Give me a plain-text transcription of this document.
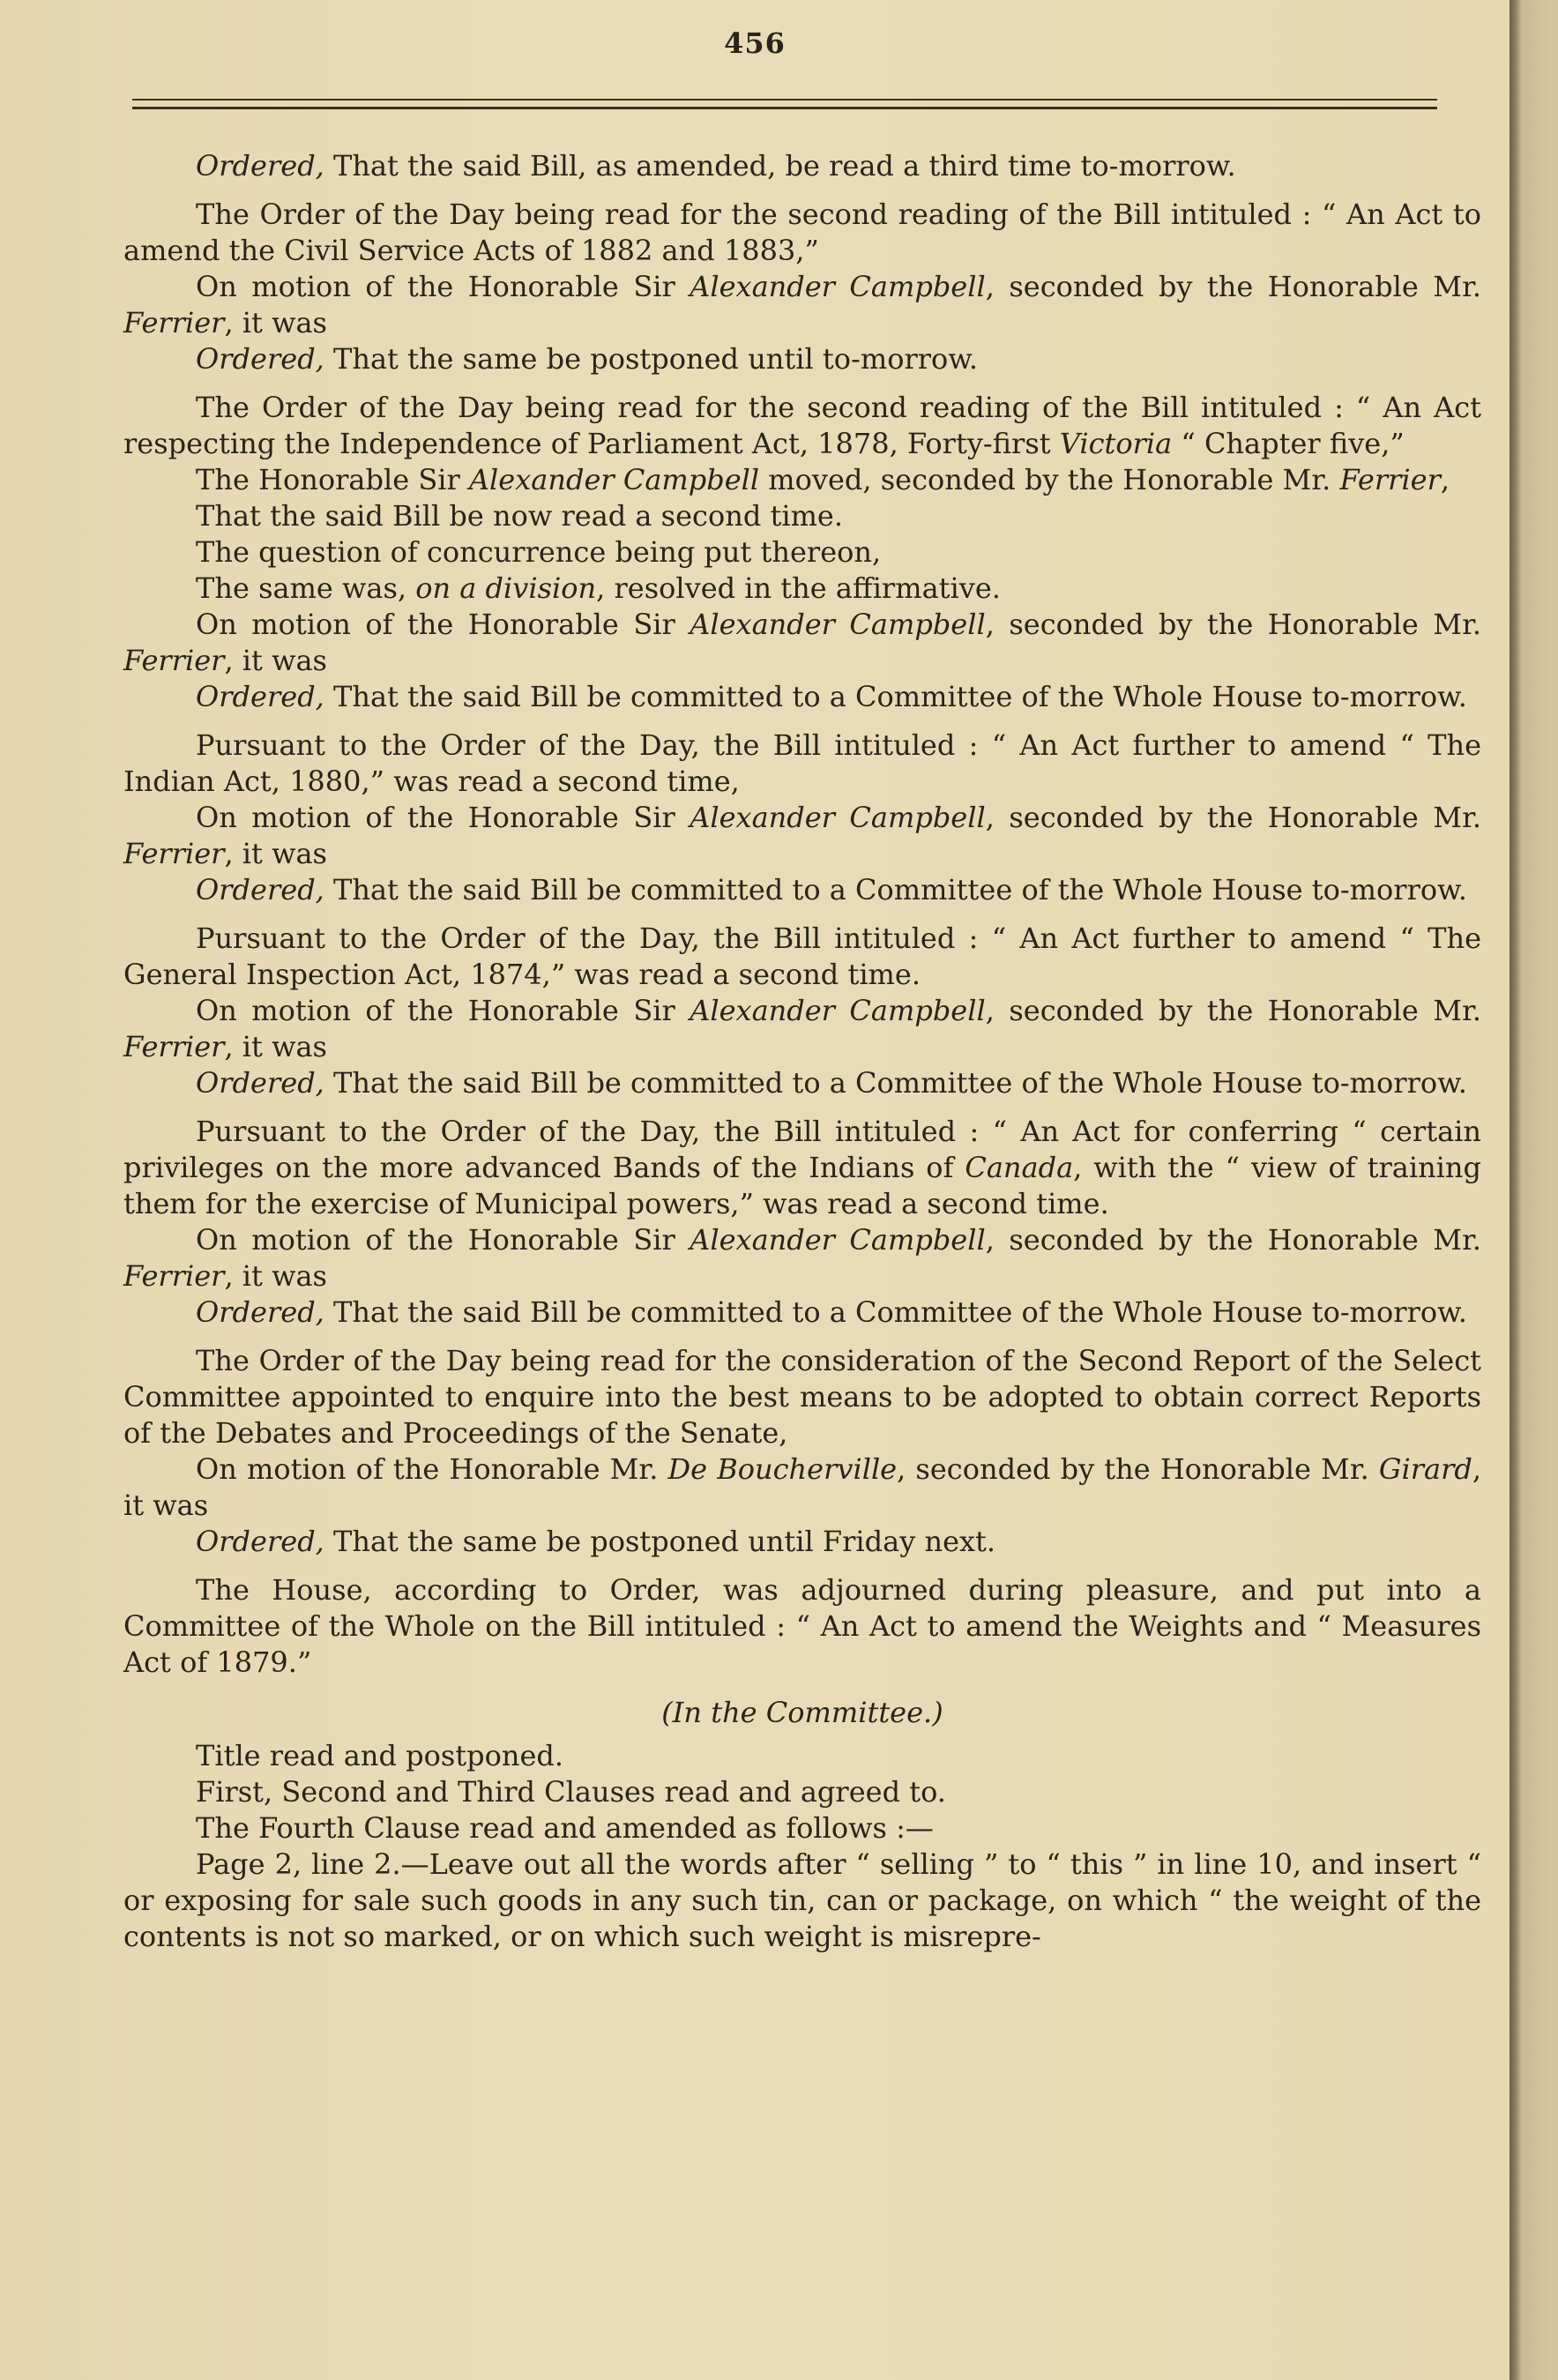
456

Ordered, That the said Bill, as amended, be read a third time to-morrow.

The Order of the Day being read for the second reading of the Bill intituled : “ An Act to amend the Civil Service Acts of 1882 and 1883,”

On motion of the Honorable Sir Alexander Campbell, seconded by the Honorable Mr. Ferrier, it was

Ordered, That the same be postponed until to-morrow.

The Order of the Day being read for the second reading of the Bill intituled : “ An Act respecting the Independence of Parliament Act, 1878, Forty-first Victoria “ Chapter five,”

The Honorable Sir Alexander Campbell moved, seconded by the Honorable Mr. Ferrier,

That the said Bill be now read a second time.

The question of concurrence being put thereon,

The same was, on a division, resolved in the affirmative.

On motion of the Honorable Sir Alexander Campbell, seconded by the Honorable Mr. Ferrier, it was

Ordered, That the said Bill be committed to a Committee of the Whole House to-morrow.

Pursuant to the Order of the Day, the Bill intituled : “ An Act further to amend “ The Indian Act, 1880,” was read a second time,

On motion of the Honorable Sir Alexander Campbell, seconded by the Honorable Mr. Ferrier, it was

Ordered, That the said Bill be committed to a Committee of the Whole House to-morrow.

Pursuant to the Order of the Day, the Bill intituled : “ An Act further to amend “ The General Inspection Act, 1874,” was read a second time.

On motion of the Honorable Sir Alexander Campbell, seconded by the Honorable Mr. Ferrier, it was

Ordered, That the said Bill be committed to a Committee of the Whole House to-morrow.

Pursuant to the Order of the Day, the Bill intituled : “ An Act for conferring “ certain privileges on the more advanced Bands of the Indians of Canada, with the “ view of training them for the exercise of Municipal powers,” was read a second time.

On motion of the Honorable Sir Alexander Campbell, seconded by the Honorable Mr. Ferrier, it was

Ordered, That the said Bill be committed to a Committee of the Whole House to-morrow.

The Order of the Day being read for the consideration of the Second Report of the Select Committee appointed to enquire into the best means to be adopted to obtain correct Reports of the Debates and Proceedings of the Senate,

On motion of the Honorable Mr. De Boucherville, seconded by the Honorable Mr. Girard, it was

Ordered, That the same be postponed until Friday next.

The House, according to Order, was adjourned during pleasure, and put into a Committee of the Whole on the Bill intituled : “ An Act to amend the Weights and “ Measures Act of 1879.”

(In the Committee.)

Title read and postponed.

First, Second and Third Clauses read and agreed to.

The Fourth Clause read and amended as follows :—

Page 2, line 2.—Leave out all the words after “ selling ” to “ this ” in line 10, and insert “ or exposing for sale such goods in any such tin, can or package, on which “ the weight of the contents is not so marked, or on which such weight is misrepre-
